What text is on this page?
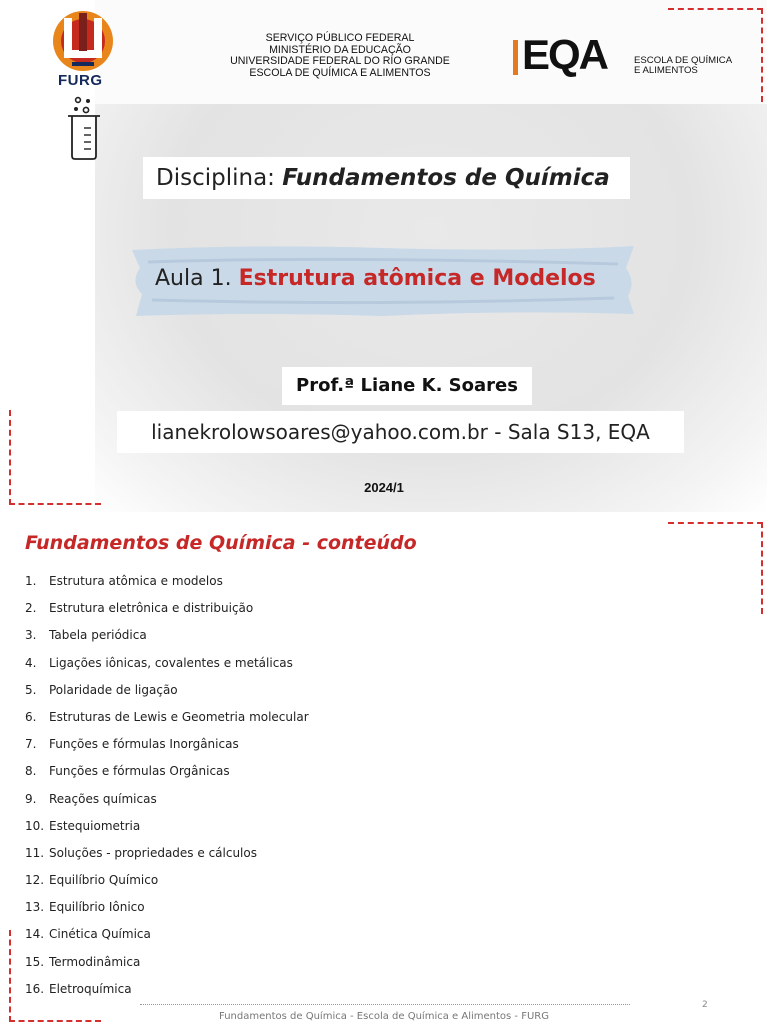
FURG
SERVIÇO PÚBLICO FEDERAL
MINISTÉRIO DA EDUCAÇÃO
UNIVERSIDADE FEDERAL DO RIO GRANDE
ESCOLA DE QUÍMICA E ALIMENTOS	EQA	ESCOLA DE QUÍMICA
E ALIMENTOS
Disciplina: Fundamentos de Química
Aula 1. Estrutura atômica e Modelos
Prof.ª Liane K. Soares
lianekrolowsoares@yahoo.com.br - Sala S13, EQA
2024/1
Fundamentos de Química - conteúdo
1. Estrutura atômica e modelos
2. Estrutura eletrônica e distribuição
3. Tabela periódica
4. Ligações iônicas, covalentes e metálicas
5. Polaridade de ligação
6. Estruturas de Lewis e Geometria molecular
7. Funções e fórmulas Inorgânicas
8. Funções e fórmulas Orgânicas
9. Reações químicas
10. Estequiometria
11. Soluções - propriedades e cálculos
12. Equilíbrio Químico
13. Equilíbrio Iônico
14. Cinética Química
15. Termodinâmica
16. Eletroquímica
2
Fundamentos de Química - Escola de Química e Alimentos - FURG
